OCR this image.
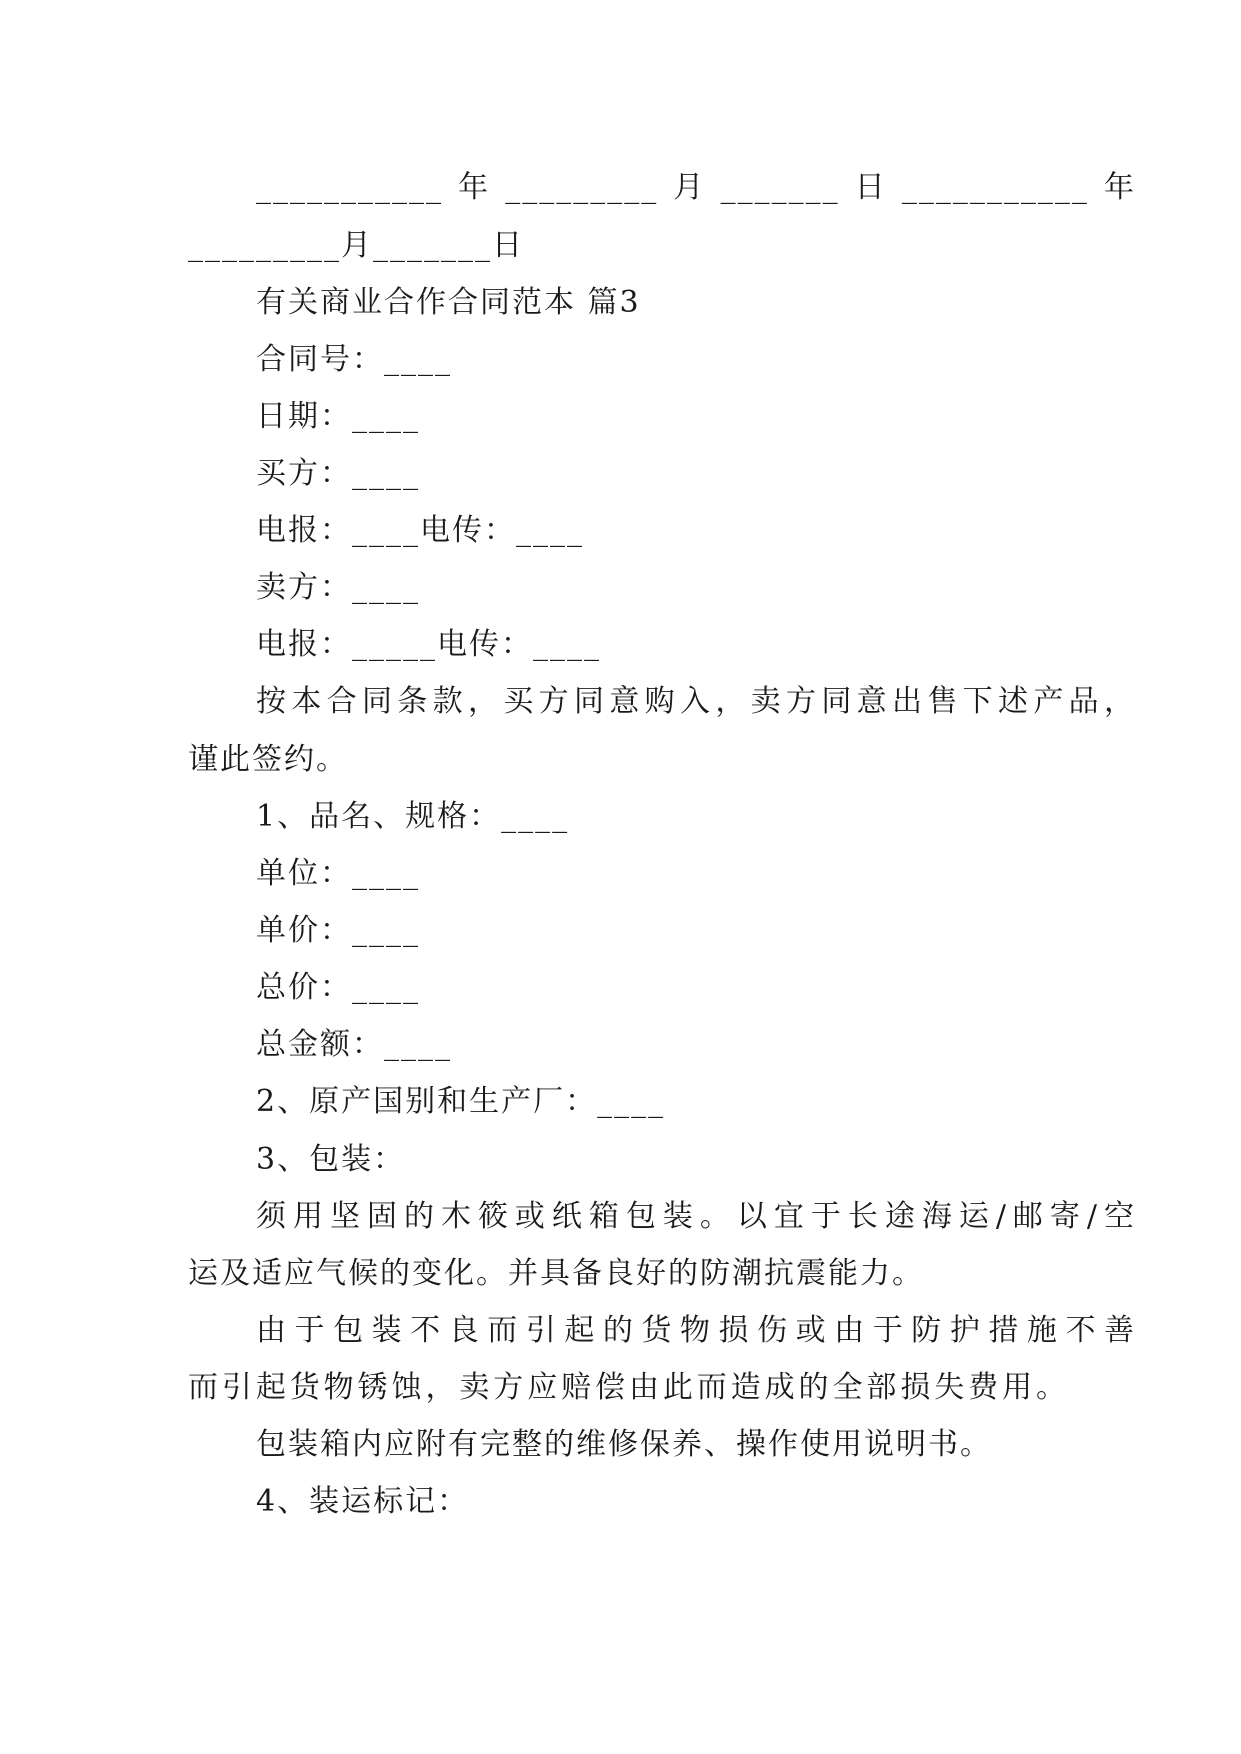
___________年_________月_______日___________年
_________月_______日
有关商业合作合同范本 篇3
合同号：____
日期：____
买方：____
电报：____电传：____
卖方：____
电报：_____电传：____
按本合同条款，买方同意购入，卖方同意出售下述产品，
谨此签约。
1、品名、规格：____
单位：____
单价：____
总价：____
总金额：____
2、原产国别和生产厂：____
3、包装：
须用坚固的木筱或纸箱包装。以宜于长途海运/邮寄/空
运及适应气候的变化。并具备良好的防潮抗震能力。
由于包装不良而引起的货物损伤或由于防护措施不善
而引起货物锈蚀，卖方应赔偿由此而造成的全部损失费用。
包装箱内应附有完整的维修保养、操作使用说明书。
4、装运标记：
